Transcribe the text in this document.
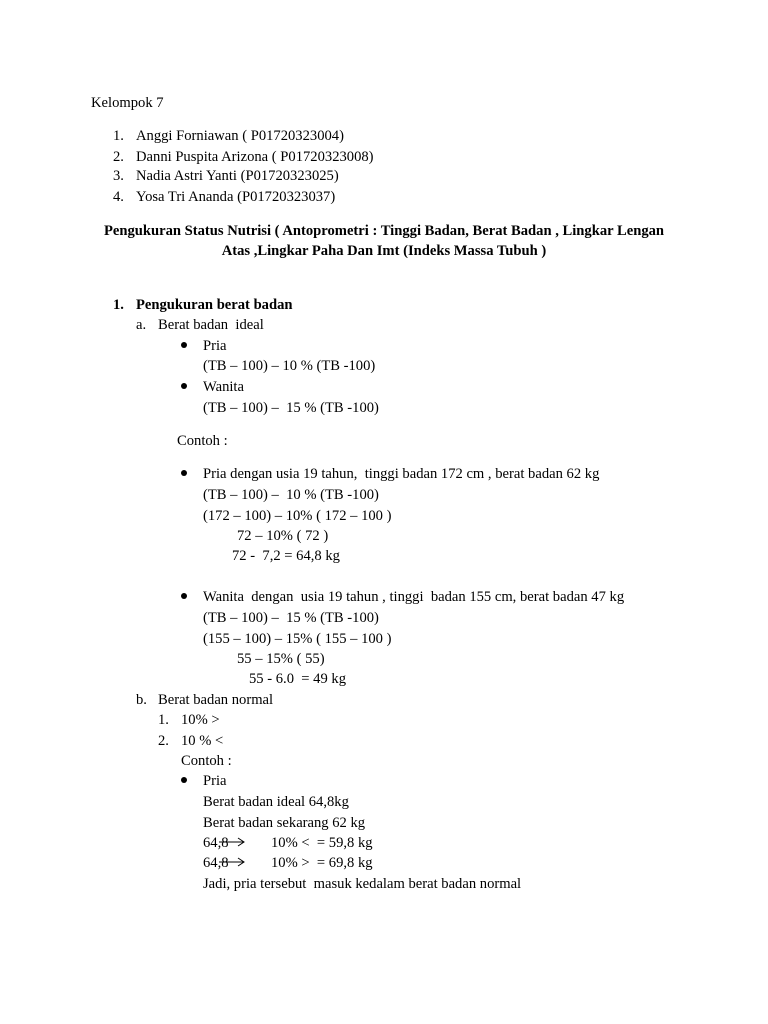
Kelompok 7
1. Anggi Forniawan ( P01720323004)
2. Danni Puspita Arizona ( P01720323008)
3. Nadia Astri Yanti (P01720323025)
4. Yosa Tri Ananda (P01720323037)
Pengukuran Status Nutrisi ( Antoprometri : Tinggi Badan, Berat Badan , Lingkar Lengan
Atas ,Lingkar Paha Dan Imt (Indeks Massa Tubuh )
1. Pengukuran berat badan
a. Berat badan  ideal
Pria
(TB – 100) – 10 % (TB -100)
Wanita
(TB – 100) –  15 % (TB -100)
Contoh :
Pria dengan usia 19 tahun,  tinggi badan 172 cm , berat badan 62 kg
(TB – 100) –  10 % (TB -100)
(172 – 100) – 10% ( 172 – 100 )
72 – 10% ( 72 )
72 -  7,2 = 64,8 kg
Wanita  dengan  usia 19 tahun , tinggi  badan 155 cm, berat badan 47 kg
(TB – 100) –  15 % (TB -100)
(155 – 100) – 15% ( 155 – 100 )
55 – 15% ( 55)
55 - 6.0  = 49 kg
b. Berat badan normal
1. 10% >
2. 10 % <
Contoh :
Pria
Berat badan ideal 64,8kg
Berat badan sekarang 62 kg
64,8	10% <  = 59,8 kg
64,8	10% >  = 69,8 kg
Jadi, pria tersebut  masuk kedalam berat badan normal
